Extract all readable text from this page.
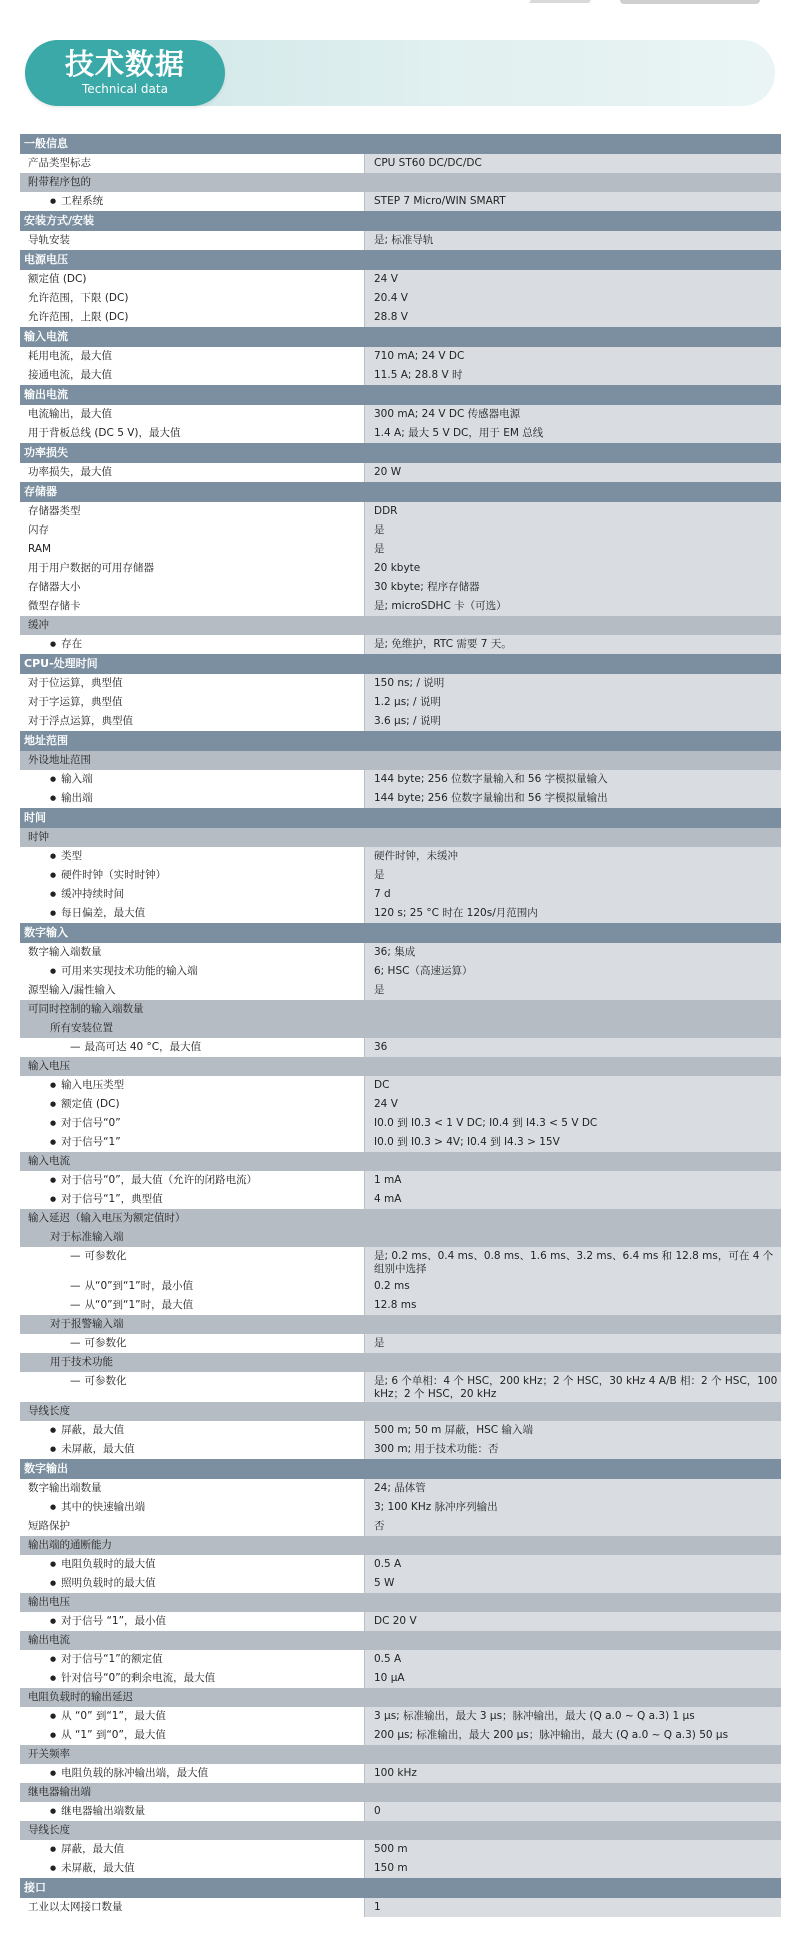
技术数据
Technical data
一般信息
产品类型标志	CPU ST60 DC/DC/DC
附带程序包的
● 工程系统	STEP 7 Micro/WIN SMART
安装方式/安装
导轨安装	是; 标准导轨
电源电压
额定值 (DC)	24 V
允许范围，下限 (DC)	20.4 V
允许范围，上限 (DC)	28.8 V
输入电流
耗用电流，最大值	710 mA; 24 V DC
接通电流，最大值	11.5 A; 28.8 V 时
输出电流
电流输出，最大值	300 mA; 24 V DC 传感器电源
用于背板总线 (DC 5 V)，最大值	1.4 A; 最大 5 V DC，用于 EM 总线
功率损失
功率损失，最大值	20 W
存储器
存储器类型	DDR
闪存	是
RAM	是
用于用户数据的可用存储器	20 kbyte
存储器大小	30 kbyte; 程序存储器
微型存储卡	是; microSDHC 卡（可选）
缓冲
● 存在	是; 免维护，RTC 需要 7 天。
CPU-处理时间
对于位运算，典型值	150 ns; / 说明
对于字运算，典型值	1.2 μs; / 说明
对于浮点运算，典型值	3.6 μs; / 说明
地址范围
外设地址范围
● 输入端	144 byte; 256 位数字量输入和 56 字模拟量输入
● 输出端	144 byte; 256 位数字量输出和 56 字模拟量输出
时间
时钟
● 类型	硬件时钟，未缓冲
● 硬件时钟（实时时钟）	是
● 缓冲持续时间	7 d
● 每日偏差，最大值	120 s; 25 °C 时在 120s/月范围内
数字输入
数字输入端数量	36; 集成
● 可用来实现技术功能的输入端	6; HSC（高速运算）
源型输入/漏性输入	是
可同时控制的输入端数量
所有安装位置
— 最高可达 40 °C，最大值	36
输入电压
● 输入电压类型	DC
● 额定值 (DC)	24 V
● 对于信号“0”	I0.0 到 I0.3 < 1 V DC; I0.4 到 I4.3 < 5 V DC
● 对于信号“1”	I0.0 到 I0.3 > 4V; I0.4 到 I4.3 > 15V
输入电流
● 对于信号“0”，最大值（允许的闭路电流）	1 mA
● 对于信号“1”，典型值	4 mA
输入延迟（输入电压为额定值时）
对于标准输入端
— 可参数化	是; 0.2 ms、0.4 ms、0.8 ms、1.6 ms、3.2 ms、6.4 ms 和 12.8 ms，可在 4 个组别中选择
— 从“0”到“1”时，最小值	0.2 ms
— 从“0”到“1”时，最大值	12.8 ms
对于报警输入端
— 可参数化	是
用于技术功能
— 可参数化	是; 6 个单相：4 个 HSC，200 kHz；2 个 HSC，30 kHz 4 A/B 相：2 个 HSC，100 kHz；2 个 HSC，20 kHz
导线长度
● 屏蔽，最大值	500 m; 50 m 屏蔽，HSC 输入端
● 未屏蔽，最大值	300 m; 用于技术功能：否
数字输出
数字输出端数量	24; 晶体管
● 其中的快速输出端	3; 100 KHz 脉冲序列输出
短路保护	否
输出端的通断能力
● 电阻负载时的最大值	0.5 A
● 照明负载时的最大值	5 W
输出电压
● 对于信号 “1”，最小值	DC 20 V
输出电流
● 对于信号“1”的额定值	0.5 A
● 针对信号“0”的剩余电流，最大值	10 μA
电阻负载时的输出延迟
● 从 “0” 到“1”，最大值	3 μs; 标准输出，最大 3 μs；脉冲输出，最大 (Q a.0 ~ Q a.3) 1 μs
● 从 “1” 到“0”，最大值	200 μs; 标准输出，最大 200 μs；脉冲输出，最大 (Q a.0 ~ Q a.3) 50 μs
开关频率
● 电阻负载的脉冲输出端，最大值	100 kHz
继电器输出端
● 继电器输出端数量	0
导线长度
● 屏蔽，最大值	500 m
● 未屏蔽，最大值	150 m
接口
工业以太网接口数量	1
